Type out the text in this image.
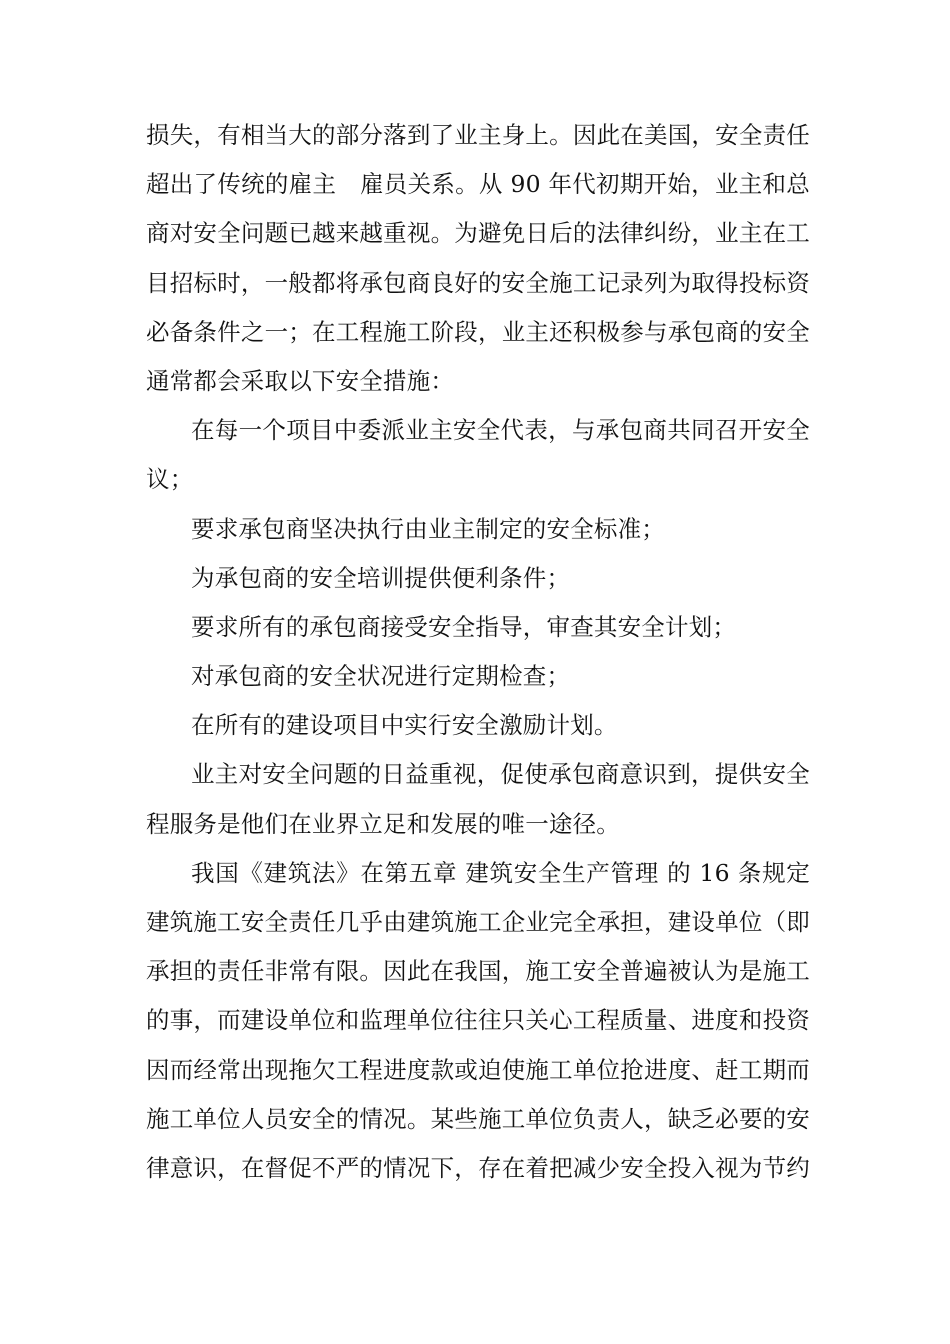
损失，有相当大的部分落到了业主身上。因此在美国，安全责任
超出了传统的雇主　雇员关系。从 90 年代初期开始，业主和总
商对安全问题已越来越重视。为避免日后的法律纠纷，业主在工
目招标时，一般都将承包商良好的安全施工记录列为取得投标资
必备条件之一；在工程施工阶段，业主还积极参与承包商的安全
通常都会采取以下安全措施：
在每一个项目中委派业主安全代表，与承包商共同召开安全
议；
要求承包商坚决执行由业主制定的安全标准；
为承包商的安全培训提供便利条件；
要求所有的承包商接受安全指导，审查其安全计划；
对承包商的安全状况进行定期检查；
在所有的建设项目中实行安全激励计划。
业主对安全问题的日益重视，促使承包商意识到，提供安全
程服务是他们在业界立足和发展的唯一途径。
我国《建筑法》在第五章 建筑安全生产管理 的 16 条规定
建筑施工安全责任几乎由建筑施工企业完全承担，建设单位（即
承担的责任非常有限。因此在我国，施工安全普遍被认为是施工
的事，而建设单位和监理单位往往只关心工程质量、进度和投资
因而经常出现拖欠工程进度款或迫使施工单位抢进度、赶工期而
施工单位人员安全的情况。某些施工单位负责人，缺乏必要的安
律意识，在督促不严的情况下，存在着把减少安全投入视为节约
